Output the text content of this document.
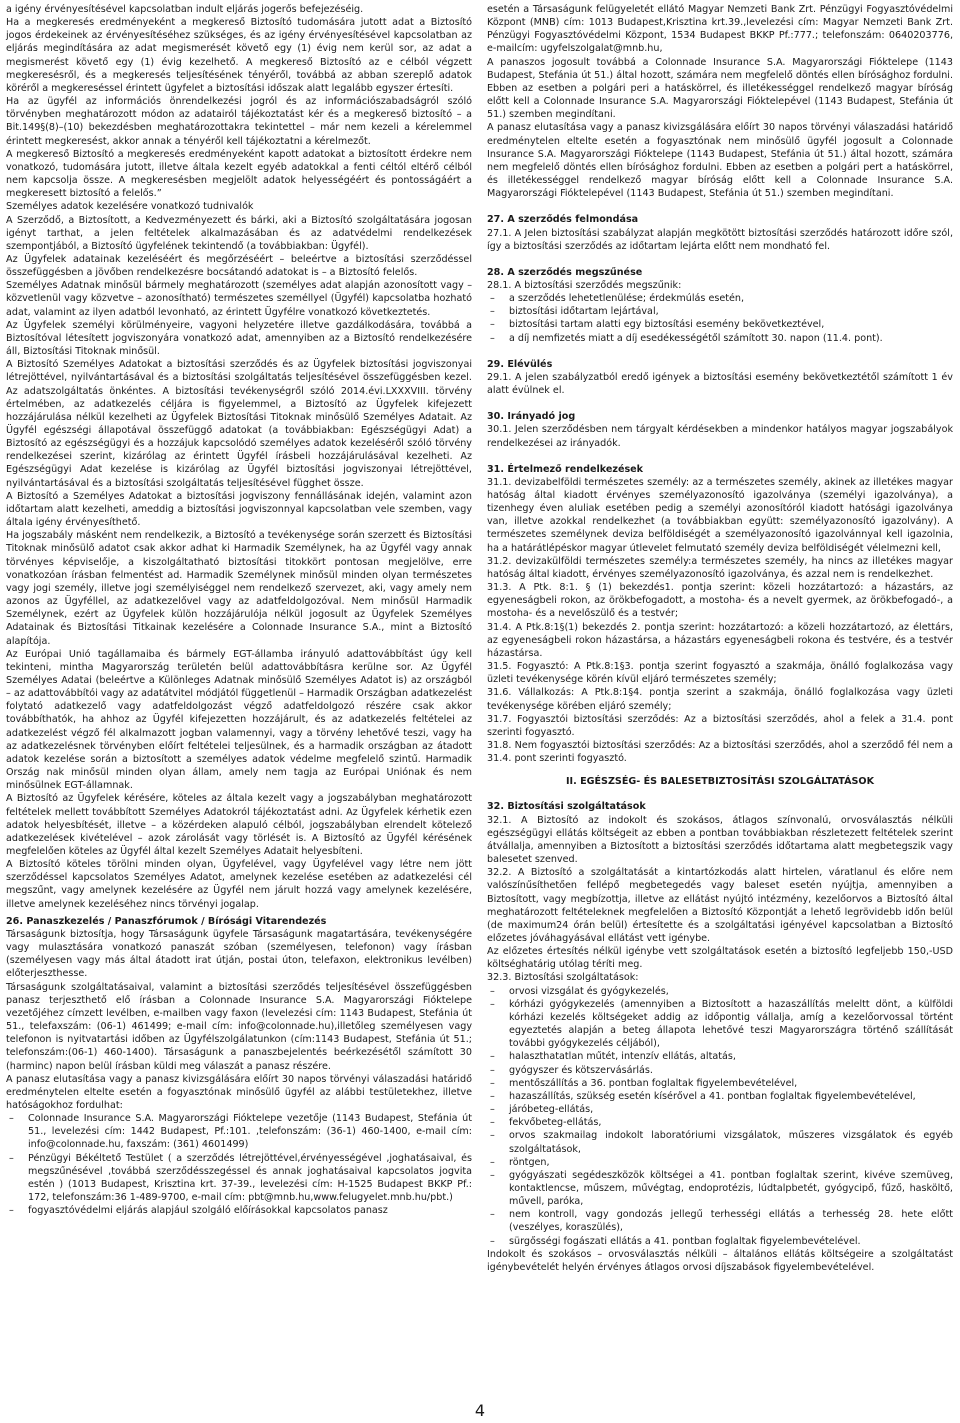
a igény érvényesítésével kapcsolatban indult eljárás jogerős befejezéséig.

Ha a megkeresés eredményeként a megkereső Biztosító tudomására jutott adat a Biztosító jogos érdekeinek az érvényesítéséhez szükséges, és az igény érvényesítésével kapcsolatban az eljárás megindítására az adat megismerését követő egy (1) évig nem kerül sor, az adat a megismerést követő egy (1) évig kezelhető. A megkereső Biztosító az e célból végzett megkeresésről, és a megkeresés teljesítésének tényéről, továbbá az abban szereplő adatok köréről a megkereséssel érintett ügyfelet a biztosítási időszak alatt legalább egyszer értesíti.

Ha az ügyfél az információs önrendelkezési jogról és az információszabadságról szóló törvényben meghatározott módon az adatairól tájékoztatást kér és a megkereső biztosító – a Bit.149§(8)–(10) bekezdésben meghatározottakra tekintettel – már nem kezeli a kérelemmel érintett megkeresést, akkor annak a tényéről kell tájékoztatni a kérelmezőt.

A megkereső Biztosító a megkeresés eredményeként kapott adatokat a biztosított érdekre nem vonatkozó, tudomására jutott, illetve általa kezelt egyéb adatokkal a fenti céltól eltérő célból nem kapcsolja össze. A megkeresésben megjelölt adatok helyességéért és pontosságáért a megkeresett biztosító a felelős.”

Személyes adatok kezelésére vonatkozó tudnivalók

A Szerződő, a Biztosított, a Kedvezményezett és bárki, aki a Biztosító szolgáltatására jogosan igényt tarthat, a jelen feltételek alkalmazásában és az adatvédelmi rendelkezések szempontjából, a Biztosító ügyfelének tekintendő (a továbbiakban: Ügyfél).

Az Ügyfelek adatainak kezeléséért és megőrzéséért – beleértve a biztosítási szerződéssel összefüggésben a jövőben rendelkezésre bocsátandó adatokat is – a Biztosító felelős.

Személyes Adatnak minősül bármely meghatározott (személyes adat alapján azonosított vagy – közvetlenül vagy közvetve – azonosítható) természetes személlyel (Ügyfél) kapcsolatba hozható adat, valamint az ilyen adatból levonható, az érintett Ügyfélre vonatkozó következtetés.

Az Ügyfelek személyi körülményeire, vagyoni helyzetére illetve gazdálkodására, továbbá a Biztosítóval létesített jogviszonyára vonatkozó adat, amennyiben az a Biztosító rendelkezésére áll, Biztosítási Titoknak minősül.

A Biztosító Személyes Adatokat a biztosítási szerződés és az Ügyfelek biztosítási jogviszonyai létrejöttével, nyilvántartásával és a biztosítási szolgáltatás teljesítésével összefüggésben kezel. Az adatszolgáltatás önkéntes. A biztosítási tevékenységről szóló 2014.évi.LXXXVIII. törvény értelmében, az adatkezelés céljára is figyelemmel, a Biztosító az Ügyfelek kifejezett hozzájárulása nélkül kezelheti az Ügyfelek Biztosítási Titoknak minősülő Személyes Adatait. Az Ügyfél egészségi állapotával összefüggő adatokat (a továbbiakban: Egészségügyi Adat) a Biztosító az egészségügyi és a hozzájuk kapcsolódó személyes adatok kezeléséről szóló törvény rendelkezései szerint, kizárólag az érintett Ügyfél írásbeli hozzájárulásával kezelheti. Az Egészségügyi Adat kezelése is kizárólag az Ügyfél biztosítási jogviszonyai létrejöttével, nyilvántartásával és a biztosítási szolgáltatás teljesítésével függhet össze.

A Biztosító a Személyes Adatokat a biztosítási jogviszony fennállásának idején, valamint azon időtartam alatt kezelheti, ameddig a biztosítási jogviszonnyal kapcsolatban vele szemben, vagy általa igény érvényesíthető.

Ha jogszabály másként nem rendelkezik, a Biztosító a tevékenysége során szerzett és Biztosítási Titoknak minősülő adatot csak akkor adhat ki Harmadik Személynek, ha az Ügyfél vagy annak törvényes képviselője, a kiszolgáltatható biztosítási titokkört pontosan megjelölve, erre vonatkozóan írásban felmentést ad. Harmadik Személynek minősül minden olyan természetes vagy jogi személy, illetve jogi személyiséggel nem rendelkező szervezet, aki, vagy amely nem azonos az Ügyféllel, az adatkezelővel vagy az adatfeldolgozóval. Nem minősül Harmadik Személynek, ezért az Ügyfelek külön hozzájárulója nélkül jogosult az Ügyfelek Személyes Adatainak és Biztosítási Titkainak kezelésére a Colonnade Insurance S.A., mint a Biztosító alapítója.

Az Európai Unió tagállamaiba és bármely EGT-államba irányuló adattovábbítást úgy kell tekinteni, mintha Magyarország területén belül adattovábbításra kerülne sor. Az Ügyfél Személyes Adatai (beleértve a Különleges Adatnak minősülő Személyes Adatot is) az országból – az adattovábbítói vagy az adatátvitel módjától függetlenül – Harmadik Országban adatkezelést folytató adatkezelő vagy adatfeldolgozást végző adatfeldolgozó részére csak akkor továbbíthatók, ha ahhoz az Ügyfél kifejezetten hozzájárult, és az adatkezelés feltételei az adatkezelést végző fél alkalmazott jogban valamennyi, vagy a törvény lehetővé teszi, vagy ha az adatkezelésnek törvényben előírt feltételei teljesülnek, és a harmadik országban az átadott adatok kezelése során a biztosított a személyes adatok védelme megfelelő szintű. Harmadik Ország nak minősül minden olyan állam, amely nem tagja az Európai Uniónak és nem minősülnek EGT-államnak.

A Biztosító az Ügyfelek kérésére, köteles az általa kezelt vagy a jogszabályban meghatározott feltételek mellett továbbított Személyes Adatokról tájékoztatást adni. Az Ügyfelek kérhetik ezen adatok helyesbítését, illetve – a közérdeken alapuló célból, jogszabályban elrendelt kötelező adatkezelések kivételével – azok zárolását vagy törlését is. A Biztosító az Ügyfél kérésének megfelelően köteles az Ügyfél által kezelt Személyes Adatait helyesbíteni.

A Biztosító köteles törölni minden olyan, Ügyfelével, vagy Ügyfelével vagy létre nem jött szerződéssel kapcsolatos Személyes Adatot, amelynek kezelése esetében az adatkezelési cél megszűnt, vagy amelynek kezelésére az Ügyfél nem járult hozzá vagy amelynek kezelésére, illetve amelynek kezeléséhez nincs törvényi jogalap.

26. Panaszkezelés / Panaszfórumok / Bírósági Vitarendezés

Társaságunk biztosítja, hogy Társaságunk ügyfele Társaságunk magatartására, tevékenységére vagy mulasztására vonatkozó panaszát szóban (személyesen, telefonon) vagy írásban (személyesen vagy más által átadott irat útján, postai úton, telefaxon, elektronikus levélben) előterjeszthesse.

Társaságunk szolgáltatásaival, valamint a biztosítási szerződés teljesítésével összefüggésben panasz terjeszthető elő írásban a Colonnade Insurance S.A. Magyarországi Fióktelepe vezetőjéhez címzett levélben, e-mailben vagy faxon (levelezési cím: 1143 Budapest, Stefánia út 51., telefaxszám: (06-1) 461499; e-mail cím: info@colonnade.hu),illetőleg személyesen vagy telefonon is nyitvatartási időben az Ügyfélszolgálatunkon (cím:1143 Budapest, Stefánia út 51.; telefonszám:(06-1) 460-1400). Társaságunk a panaszbejelentés beérkezésétől számított 30 (harminc) napon belül írásban küldi meg válaszát a panasz részére.

A panasz elutasítása vagy a panasz kivizsgálására előírt 30 napos törvényi válaszadási határidő eredménytelen eltelte esetén a fogyasztónak minősülő ügyfél az alábbi testületekhez, illetve hatóságokhoz fordulhat:

– Colonnade Insurance S.A. Magyarországi Fióktelepe vezetője (1143 Budapest, Stefánia út 51., levelezési cím: 1442 Budapest, Pf.:101. ,telefonszám: (36-1) 460-1400, e-mail cím: info@colonnade.hu, faxszám: (361) 4601499)
– Pénzügyi Békéltető Testület ( a szerződés létrejöttével,érvényességével ,joghatásaival, és megszűnésével ,továbbá szerződésszegéssel és annak joghatásaival kapcsolatos jogvita estén ) (1013 Budapest, Krisztina krt. 37-39., levelezési cím: H-1525 Budapest BKKP Pf.: 172, telefonszám:36 1-489-9700, e-mail cím: pbt@mnb.hu,www.felugyelet.mnb.hu/pbt.)
– fogyasztóvédelmi eljárás alapjául szolgáló előírásokkal kapcsolatos panasz

esetén a Társaságunk felügyeletét ellátó Magyar Nemzeti Bank Zrt. Pénzügyi Fogyasztóvédelmi Központ (MNB) cím: 1013 Budapest,Krisztina krt.39.,levelezési cím: Magyar Nemzeti Bank Zrt. Pénzügyi Fogyasztóvédelmi Központ, 1534 Budapest BKKP Pf.:777.; telefonszám: 0640203776, e-mailcím: ugyfelszolgalat@mnb.hu,

A panaszos jogosult továbbá a Colonnade Insurance S.A. Magyarországi Fióktelepe (1143 Budapest, Stefánia út 51.) által hozott, számára nem megfelelő döntés ellen bírósághoz fordulni. Ebben az esetben a polgári peri a hatáskörrel, és illetékességgel rendelkező magyar bíróság előtt kell a Colonnade Insurance S.A. Magyarországi Fióktelepével (1143 Budapest, Stefánia út 51.) szemben megindítani.

A panasz elutasítása vagy a panasz kivizsgálására előírt 30 napos törvényi válaszadási határidő eredménytelen eltelte esetén a fogyasztónak nem minősülő ügyfél jogosult a Colonnade Insurance S.A. Magyarországi Fióktelepe (1143 Budapest, Stefánia út 51.) által hozott, számára nem megfelelő döntés ellen bírósághoz fordulni. Ebben az esetben a polgári pert a hatáskörrel, és illetékességgel rendelkező magyar bíróság előtt kell a Colonnade Insurance S.A. Magyarországi Fióktelepével (1143 Budapest, Stefánia út 51.) szemben megindítani.

27. A szerződés felmondása

27.1. A Jelen biztosítási szabályzat alapján megkötött biztosítási szerződés határozott időre szól, így a biztosítási szerződés az időtartam lejárta előtt nem mondható fel.

28. A szerződés megszűnése

28.1. A biztosítási szerződés megszűnik:

– a szerződés lehetetlenülése; érdekmúlás esetén,
– biztosítási időtartam lejártával,
– biztosítási tartam alatti egy biztosítási esemény bekövetkeztével,
– a díj nemfizetés miatt a díj esedékességétől számított 30. napon (11.4. pont).

29. Elévülés

29.1. A jelen szabályzatból eredő igények a biztosítási esemény bekövetkeztétől számított 1 év alatt évülnek el.

30. Irányadó jog

30.1. Jelen szerződésben nem tárgyalt kérdésekben a mindenkor hatályos magyar jogszabályok rendelkezései az irányadók.

31. Értelmező rendelkezések

31.1. devizabelföldi természetes személy: az a természetes személy, akinek az illetékes magyar hatóság által kiadott érvényes személyazonosító igazolványa (személyi igazolványa), a tizenhegy éven aluliak esetében pedig a személyi azonosítóról kiadott hatósági igazolványa van, illetve azokkal rendelkezhet (a továbbiakban együtt: személyazonosító igazolvány). A természetes személynek deviza belföldiségét a személyazonosító igazolvánnyal kell igazolnia, ha a határátlépéskor magyar útlevelet felmutató személy deviza belföldiségét vélelmezni kell,

31.2. devizakülföldi természetes személy:a természetes személy, ha nincs az illetékes magyar hatóság által kiadott, érvényes személyazonosító igazolványa, és azzal nem is rendelkezhet.

31.3. A Ptk. 8:1. § (1) bekezdés1. pontja szerint: közeli hozzátartozó: a házastárs, az egyeneságbeli rokon, az örökbefogadott, a mostoha- és a nevelt gyermek, az örökbefogadó-, a mostoha- és a nevelőszülő és a testvér;

31.4. A Ptk.8:1§(1) bekezdés 2. pontja szerint: hozzátartozó: a közeli hozzátartozó, az élettárs, az egyeneságbeli rokon házastársa, a házastárs egyeneságbeli rokona és testvére, és a testvér házastársa.

31.5. Fogyasztó: A Ptk.8:1§3. pontja szerint fogyasztó a szakmája, önálló foglalkozása vagy üzleti tevékenysége körén kívül eljáró természetes személy;

31.6. Vállalkozás: A Ptk.8:1§4. pontja szerint a szakmája, önálló foglalkozása vagy üzleti tevékenysége körében eljáró személy;

31.7. Fogyasztói biztosítási szerződés: Az a biztosítási szerződés, ahol a felek a 31.4. pont szerinti fogyasztó.

31.8. Nem fogyasztói biztosítási szerződés: Az a biztosítási szerződés, ahol a szerződő fél nem a 31.4. pont szerinti fogyasztó.

II. EGÉSZSÉG- ÉS BALESETBIZTOSÍTÁSI SZOLGÁLTATÁSOK

32. Biztosítási szolgáltatások

32.1. A Biztosító az indokolt és szokásos, átlagos színvonalú, orvosválasztás nélküli egészségügyi ellátás költségeit az ebben a pontban továbbiakban részletezett feltételek szerint átvállalja, amennyiben a Biztosított a biztosítási szerződés időtartama alatt megbetegszik vagy balesetet szenved.

32.2. A Biztosító a szolgáltatását a kintartózkodás alatt hirtelen, váratlanul és előre nem valószínűsíthetően fellépő megbetegedés vagy baleset esetén nyújtja, amennyiben a Biztosított, vagy megbízottja, illetve az ellátást nyújtó intézmény, kezelőorvos a Biztosító által meghatározott feltételeknek megfelelően a Biztosító Központját a lehető legrövidebb időn belül (de maximum24 órán belül) értesítette és a szolgáltatási igényével kapcsolatban a Biztosító előzetes jóváhagyásával ellátást vett igénybe.

Az előzetes értesítés nélkül igénybe vett szolgáltatások esetén a biztosító legfeljebb 150,-USD költséghatárig utólag téríti meg.

32.3. Biztosítási szolgáltatások:

– orvosi vizsgálat és gyógykezelés,
– kórházi gyógykezelés (amennyiben a Biztosított a hazaszállítás meleltt dönt, a külföldi kórházi kezelés költségeket addig az időpontig vállalja, amíg a kezelőorvossal történt egyeztetés alapján a beteg állapota lehetővé teszi Magyarországra történő szállítását további gyógykezelés céljából),
– halaszthatatlan műtét, intenzív ellátás, altatás,
– gyógyszer és kötszervásárlás.
– mentőszállítás a 36. pontban foglaltak figyelembevételével,
– hazaszállítás, szükség esetén kísérővel a 41. pontban foglaltak figyelembevételével,
– járóbeteg-ellátás,
– fekvőbeteg-ellátás,
– orvos szakmailag indokolt laboratóriumi vizsgálatok, műszeres vizsgálatok és egyéb szolgáltatások,
– röntgen,
– gyógyászati segédeszközök költségei a 41. pontban foglaltak szerint, kivéve szemüveg, kontaktlencse, műszem, művégtag, endoprotézis, lúdtalpbetét, gyógycipő, fűző, hasköltő, művell, paróka,
– nem kontroll, vagy gondozás jellegű terhességi ellátás a terhesség 28. hete előtt (veszélyes, koraszülés),
– sürgősségi fogászati ellátás a 41. pontban foglaltak figyelembevételével.

Indokolt és szokásos – orvosválasztás nélküli – általános ellátás költségeire a szolgáltatást igénybevételét helyén érvényes átlagos orvosi díjszabások figyelembevételével.

4
